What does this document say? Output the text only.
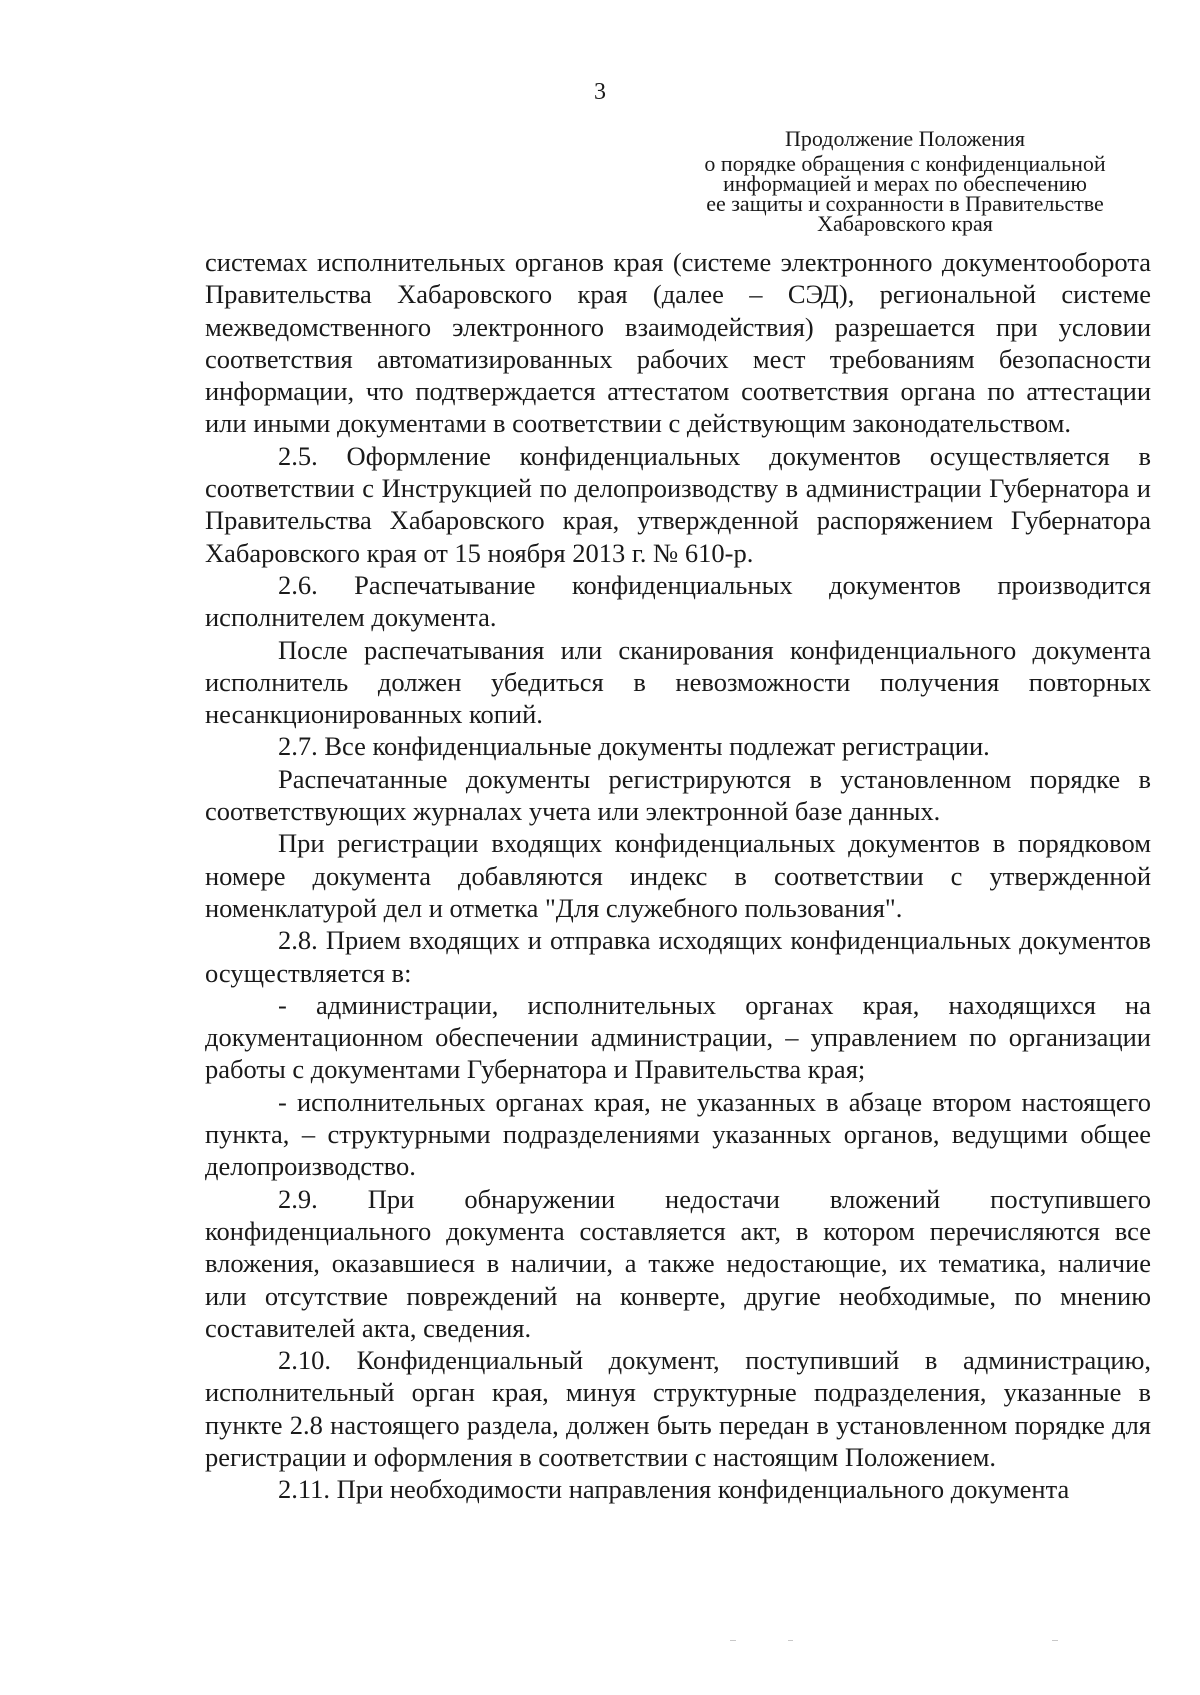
3
Продолжение Положения
о порядке обращения с конфиденциальной
информацией и мерах по обеспечению
ее защиты и сохранности в Правительстве
Хабаровского края

системах исполнительных органов края (системе электронного документооборота Правительства Хабаровского края (далее – СЭД), региональной системе межведомственного электронного взаимодействия) разрешается при условии соответствия автоматизированных рабочих мест требованиям безопасности информации, что подтверждается аттестатом соответствия органа по аттестации или иными документами в соответствии с действующим законодательством.

2.5. Оформление конфиденциальных документов осуществляется в соответствии с Инструкцией по делопроизводству в администрации Губернатора и Правительства Хабаровского края, утвержденной распоряжением Губернатора Хабаровского края от 15 ноября 2013 г. № 610-р.

2.6. Распечатывание конфиденциальных документов производится исполнителем документа.

После распечатывания или сканирования конфиденциального документа исполнитель должен убедиться в невозможности получения повторных несанкционированных копий.

2.7. Все конфиденциальные документы подлежат регистрации.

Распечатанные документы регистрируются в установленном порядке в соответствующих журналах учета или электронной базе данных.

При регистрации входящих конфиденциальных документов в порядковом номере документа добавляются индекс в соответствии с утвержденной номенклатурой дел и отметка "Для служебного пользования".

2.8. Прием входящих и отправка исходящих конфиденциальных документов осуществляется в:

- администрации, исполнительных органах края, находящихся на документационном обеспечении администрации, – управлением по организации работы с документами Губернатора и Правительства края;

- исполнительных органах края, не указанных в абзаце втором настоящего пункта, – структурными подразделениями указанных органов, ведущими общее делопроизводство.

2.9. При обнаружении недостачи вложений поступившего конфиденциального документа составляется акт, в котором перечисляются все вложения, оказавшиеся в наличии, а также недостающие, их тематика, наличие или отсутствие повреждений на конверте, другие необходимые, по мнению составителей акта, сведения.

2.10. Конфиденциальный документ, поступивший в администрацию, исполнительный орган края, минуя структурные подразделения, указанные в пункте 2.8 настоящего раздела, должен быть передан в установленном порядке для регистрации и оформления в соответствии с настоящим Положением.

2.11. При необходимости направления конфиденциального документа
